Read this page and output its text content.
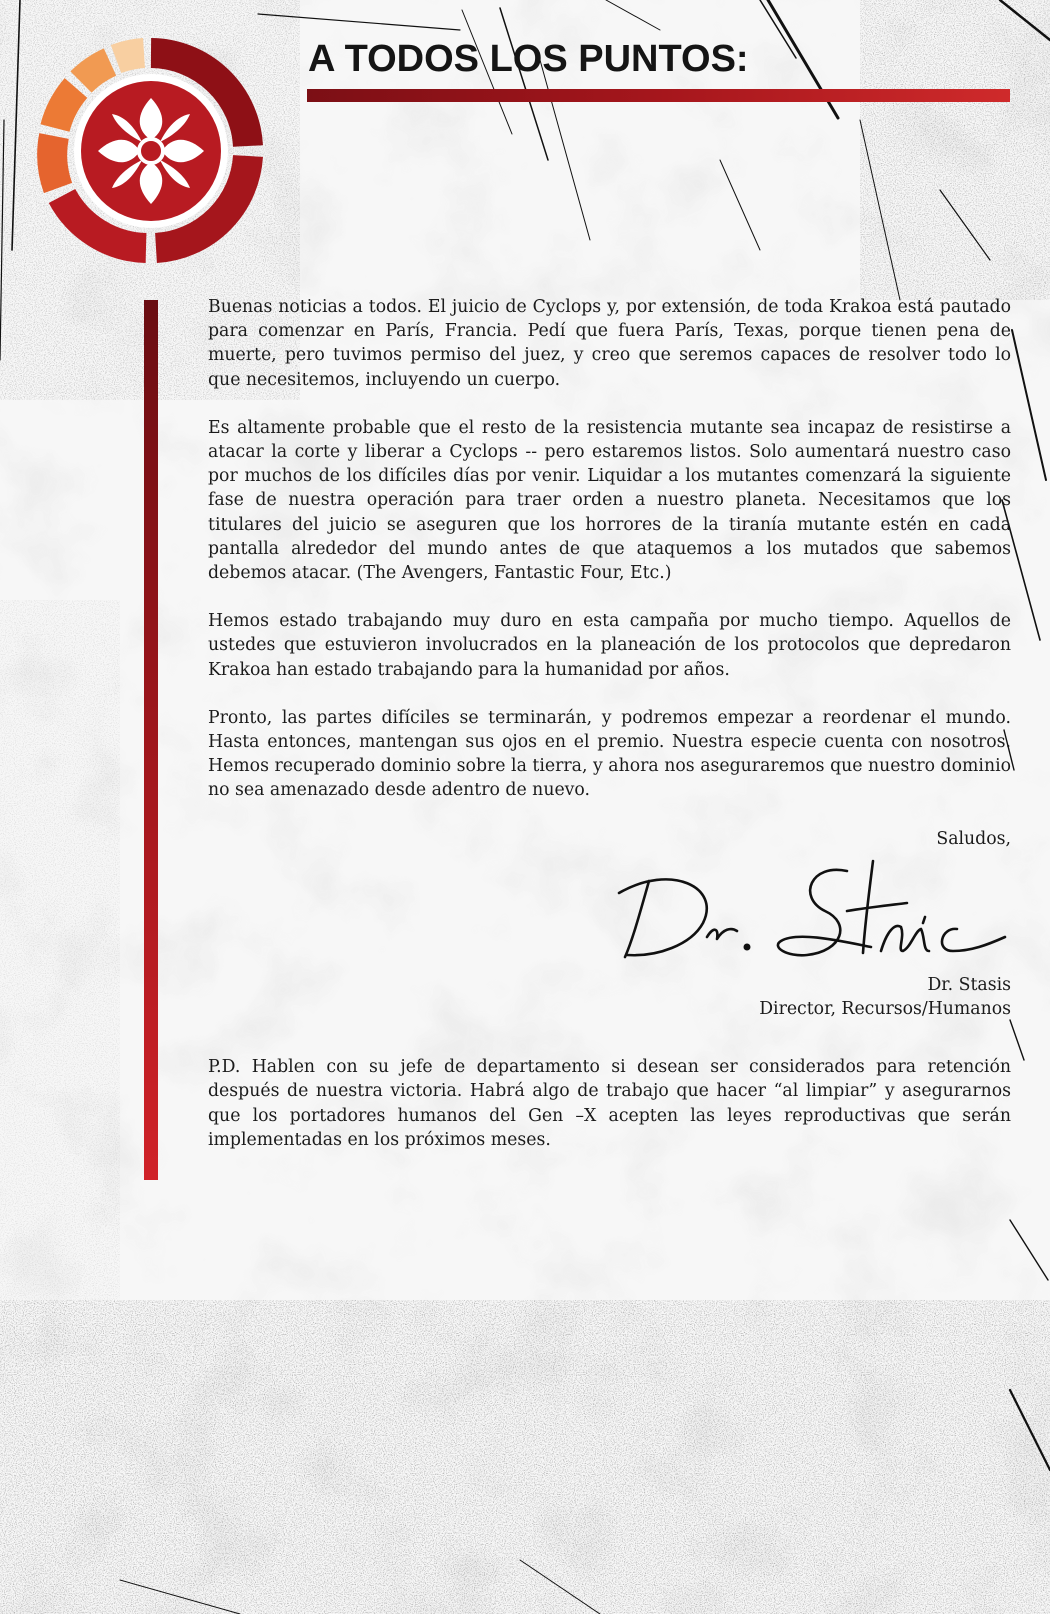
A TODOS LOS PUNTOS:

Buenas noticias a todos. El juicio de Cyclops y, por extensión, de toda Krakoa está pautado para comenzar en París, Francia. Pedí que fuera París, Texas, porque tienen pena de muerte, pero tuvimos permiso del juez, y creo que seremos capaces de resolver todo lo que necesitemos, incluyendo un cuerpo.

Es altamente probable que el resto de la resistencia mutante sea incapaz de resistirse a atacar la corte y liberar a Cyclops -- pero estaremos listos. Solo aumentará nuestro caso por muchos de los difíciles días por venir. Liquidar a los mutantes comenzará la siguiente fase de nuestra operación para traer orden a nuestro planeta. Necesitamos que los titulares del juicio se aseguren que los horrores de la tiranía mutante estén en cada pantalla alrededor del mundo antes de que ataquemos a los mutados que sabemos debemos atacar. (The Avengers, Fantastic Four, Etc.)

Hemos estado trabajando muy duro en esta campaña por mucho tiempo. Aquellos de ustedes que estuvieron involucrados en la planeación de los protocolos que depredaron Krakoa han estado trabajando para la humanidad por años.

Pronto, las partes difíciles se terminarán, y podremos empezar a reordenar el mundo. Hasta entonces, mantengan sus ojos en el premio. Nuestra especie cuenta con nosotros. Hemos recuperado dominio sobre la tierra, y ahora nos aseguraremos que nuestro dominio no sea amenazado desde adentro de nuevo.

Saludos,
Dr. Stasis
Director, Recursos/Humanos

P.D. Hablen con su jefe de departamento si desean ser considerados para retención después de nuestra victoria. Habrá algo de trabajo que hacer “al limpiar” y asegurarnos que los portadores humanos del Gen –X acepten las leyes reproductivas que serán implementadas en los próximos meses.
